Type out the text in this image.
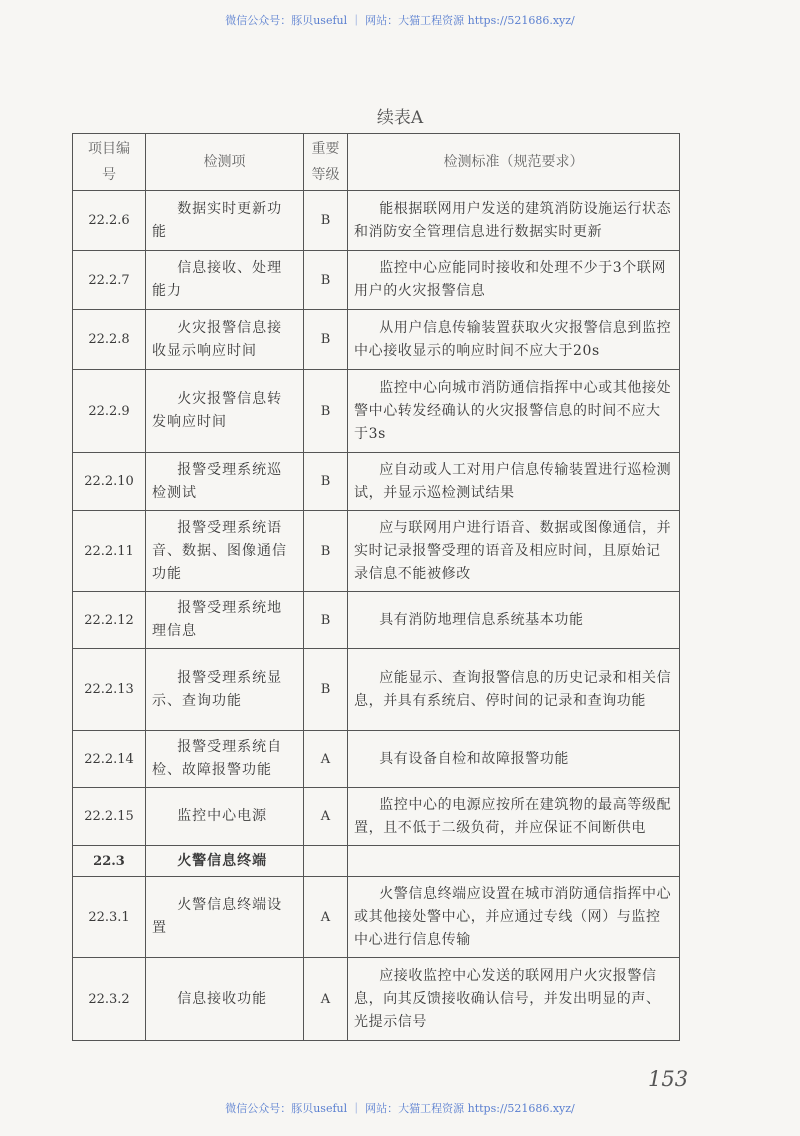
微信公众号：豚贝useful ｜ 网站：大猫工程资源 https://521686.xyz/
续表A
项目编号	检测项	重要等级	检测标准（规范要求）
22.2.6	数据实时更新功能	B	能根据联网用户发送的建筑消防设施运行状态和消防安全管理信息进行数据实时更新
22.2.7	信息接收、处理能力	B	监控中心应能同时接收和处理不少于3个联网用户的火灾报警信息
22.2.8	火灾报警信息接收显示响应时间	B	从用户信息传输装置获取火灾报警信息到监控中心接收显示的响应时间不应大于20s
22.2.9	火灾报警信息转发响应时间	B	监控中心向城市消防通信指挥中心或其他接处警中心转发经确认的火灾报警信息的时间不应大于3s
22.2.10	报警受理系统巡检测试	B	应自动或人工对用户信息传输装置进行巡检测试，并显示巡检测试结果
22.2.11	报警受理系统语音、数据、图像通信功能	B	应与联网用户进行语音、数据或图像通信，并实时记录报警受理的语音及相应时间，且原始记录信息不能被修改
22.2.12	报警受理系统地理信息	B	具有消防地理信息系统基本功能
22.2.13	报警受理系统显示、查询功能	B	应能显示、查询报警信息的历史记录和相关信息，并具有系统启、停时间的记录和查询功能
22.2.14	报警受理系统自检、故障报警功能	A	具有设备自检和故障报警功能
22.2.15	监控中心电源	A	监控中心的电源应按所在建筑物的最高等级配置，且不低于二级负荷，并应保证不间断供电
22.3	火警信息终端		
22.3.1	火警信息终端设置	A	火警信息终端应设置在城市消防通信指挥中心或其他接处警中心，并应通过专线（网）与监控中心进行信息传输
22.3.2	信息接收功能	A	应接收监控中心发送的联网用户火灾报警信息，向其反馈接收确认信号，并发出明显的声、光提示信号
153
微信公众号：豚贝useful ｜ 网站：大猫工程资源 https://521686.xyz/
